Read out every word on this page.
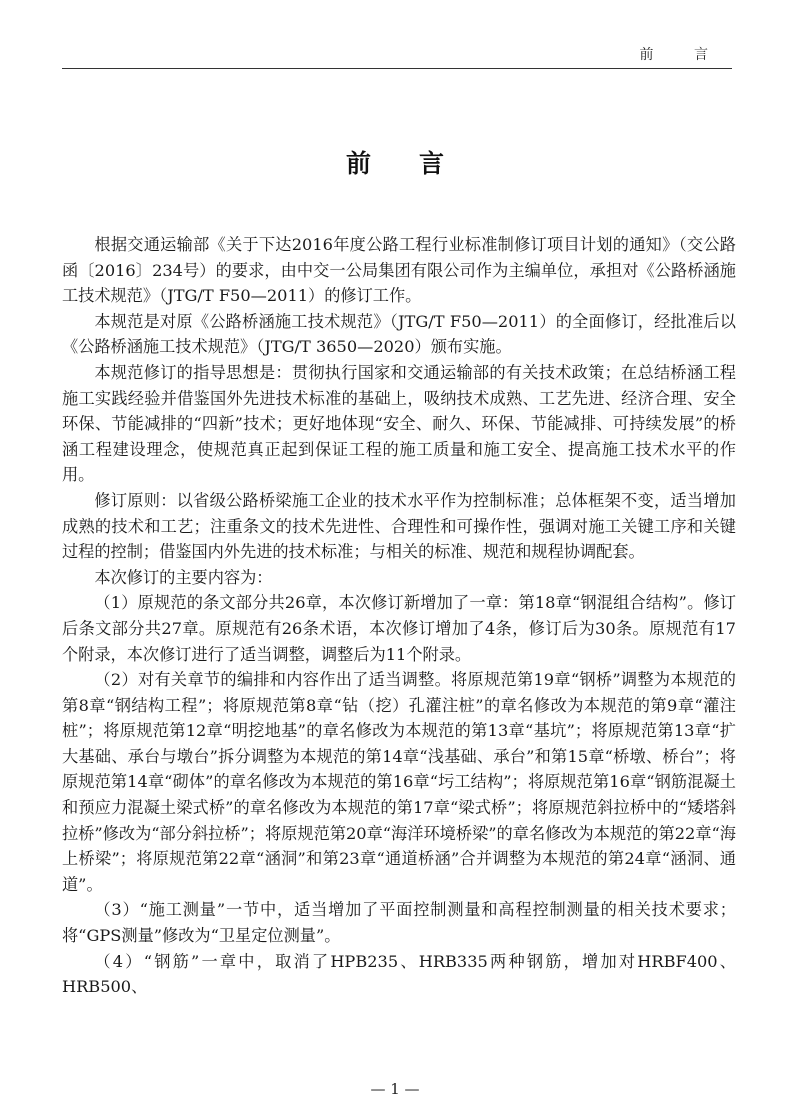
前 言
前言

根据交通运输部《关于下达2016年度公路工程行业标准制修订项目计划的通知》（交公路函〔2016〕234号）的要求，由中交一公局集团有限公司作为主编单位，承担对《公路桥涵施工技术规范》（JTG/T F50—2011）的修订工作。

本规范是对原《公路桥涵施工技术规范》（JTG/T F50—2011）的全面修订，经批准后以《公路桥涵施工技术规范》（JTG/T 3650—2020）颁布实施。

本规范修订的指导思想是：贯彻执行国家和交通运输部的有关技术政策；在总结桥涵工程施工实践经验并借鉴国外先进技术标准的基础上，吸纳技术成熟、工艺先进、经济合理、安全环保、节能减排的“四新”技术；更好地体现“安全、耐久、环保、节能减排、可持续发展”的桥涵工程建设理念，使规范真正起到保证工程的施工质量和施工安全、提高施工技术水平的作用。

修订原则：以省级公路桥梁施工企业的技术水平作为控制标准；总体框架不变，适当增加成熟的技术和工艺；注重条文的技术先进性、合理性和可操作性，强调对施工关键工序和关键过程的控制；借鉴国内外先进的技术标准；与相关的标准、规范和规程协调配套。

本次修订的主要内容为：

（1）原规范的条文部分共26章，本次修订新增加了一章：第18章“钢混组合结构”。修订后条文部分共27章。原规范有26条术语，本次修订增加了4条，修订后为30条。原规范有17个附录，本次修订进行了适当调整，调整后为11个附录。

（2）对有关章节的编排和内容作出了适当调整。将原规范第19章“钢桥”调整为本规范的第8章“钢结构工程”；将原规范第8章“钻（挖）孔灌注桩”的章名修改为本规范的第9章“灌注桩”；将原规范第12章“明挖地基”的章名修改为本规范的第13章“基坑”；将原规范第13章“扩大基础、承台与墩台”拆分调整为本规范的第14章“浅基础、承台”和第15章“桥墩、桥台”；将原规范第14章“砌体”的章名修改为本规范的第16章“圬工结构”；将原规范第16章“钢筋混凝土和预应力混凝土梁式桥”的章名修改为本规范的第17章“梁式桥”；将原规范斜拉桥中的“矮塔斜拉桥”修改为“部分斜拉桥”；将原规范第20章“海洋环境桥梁”的章名修改为本规范的第22章“海上桥梁”；将原规范第22章“涵洞”和第23章“通道桥涵”合并调整为本规范的第24章“涵洞、通道”。

（3）“施工测量”一节中，适当增加了平面控制测量和高程控制测量的相关技术要求；将“GPS测量”修改为“卫星定位测量”。

（4）“钢筋”一章中，取消了HPB235、HRB335两种钢筋，增加对HRBF400、HRB500、

— 1 —
